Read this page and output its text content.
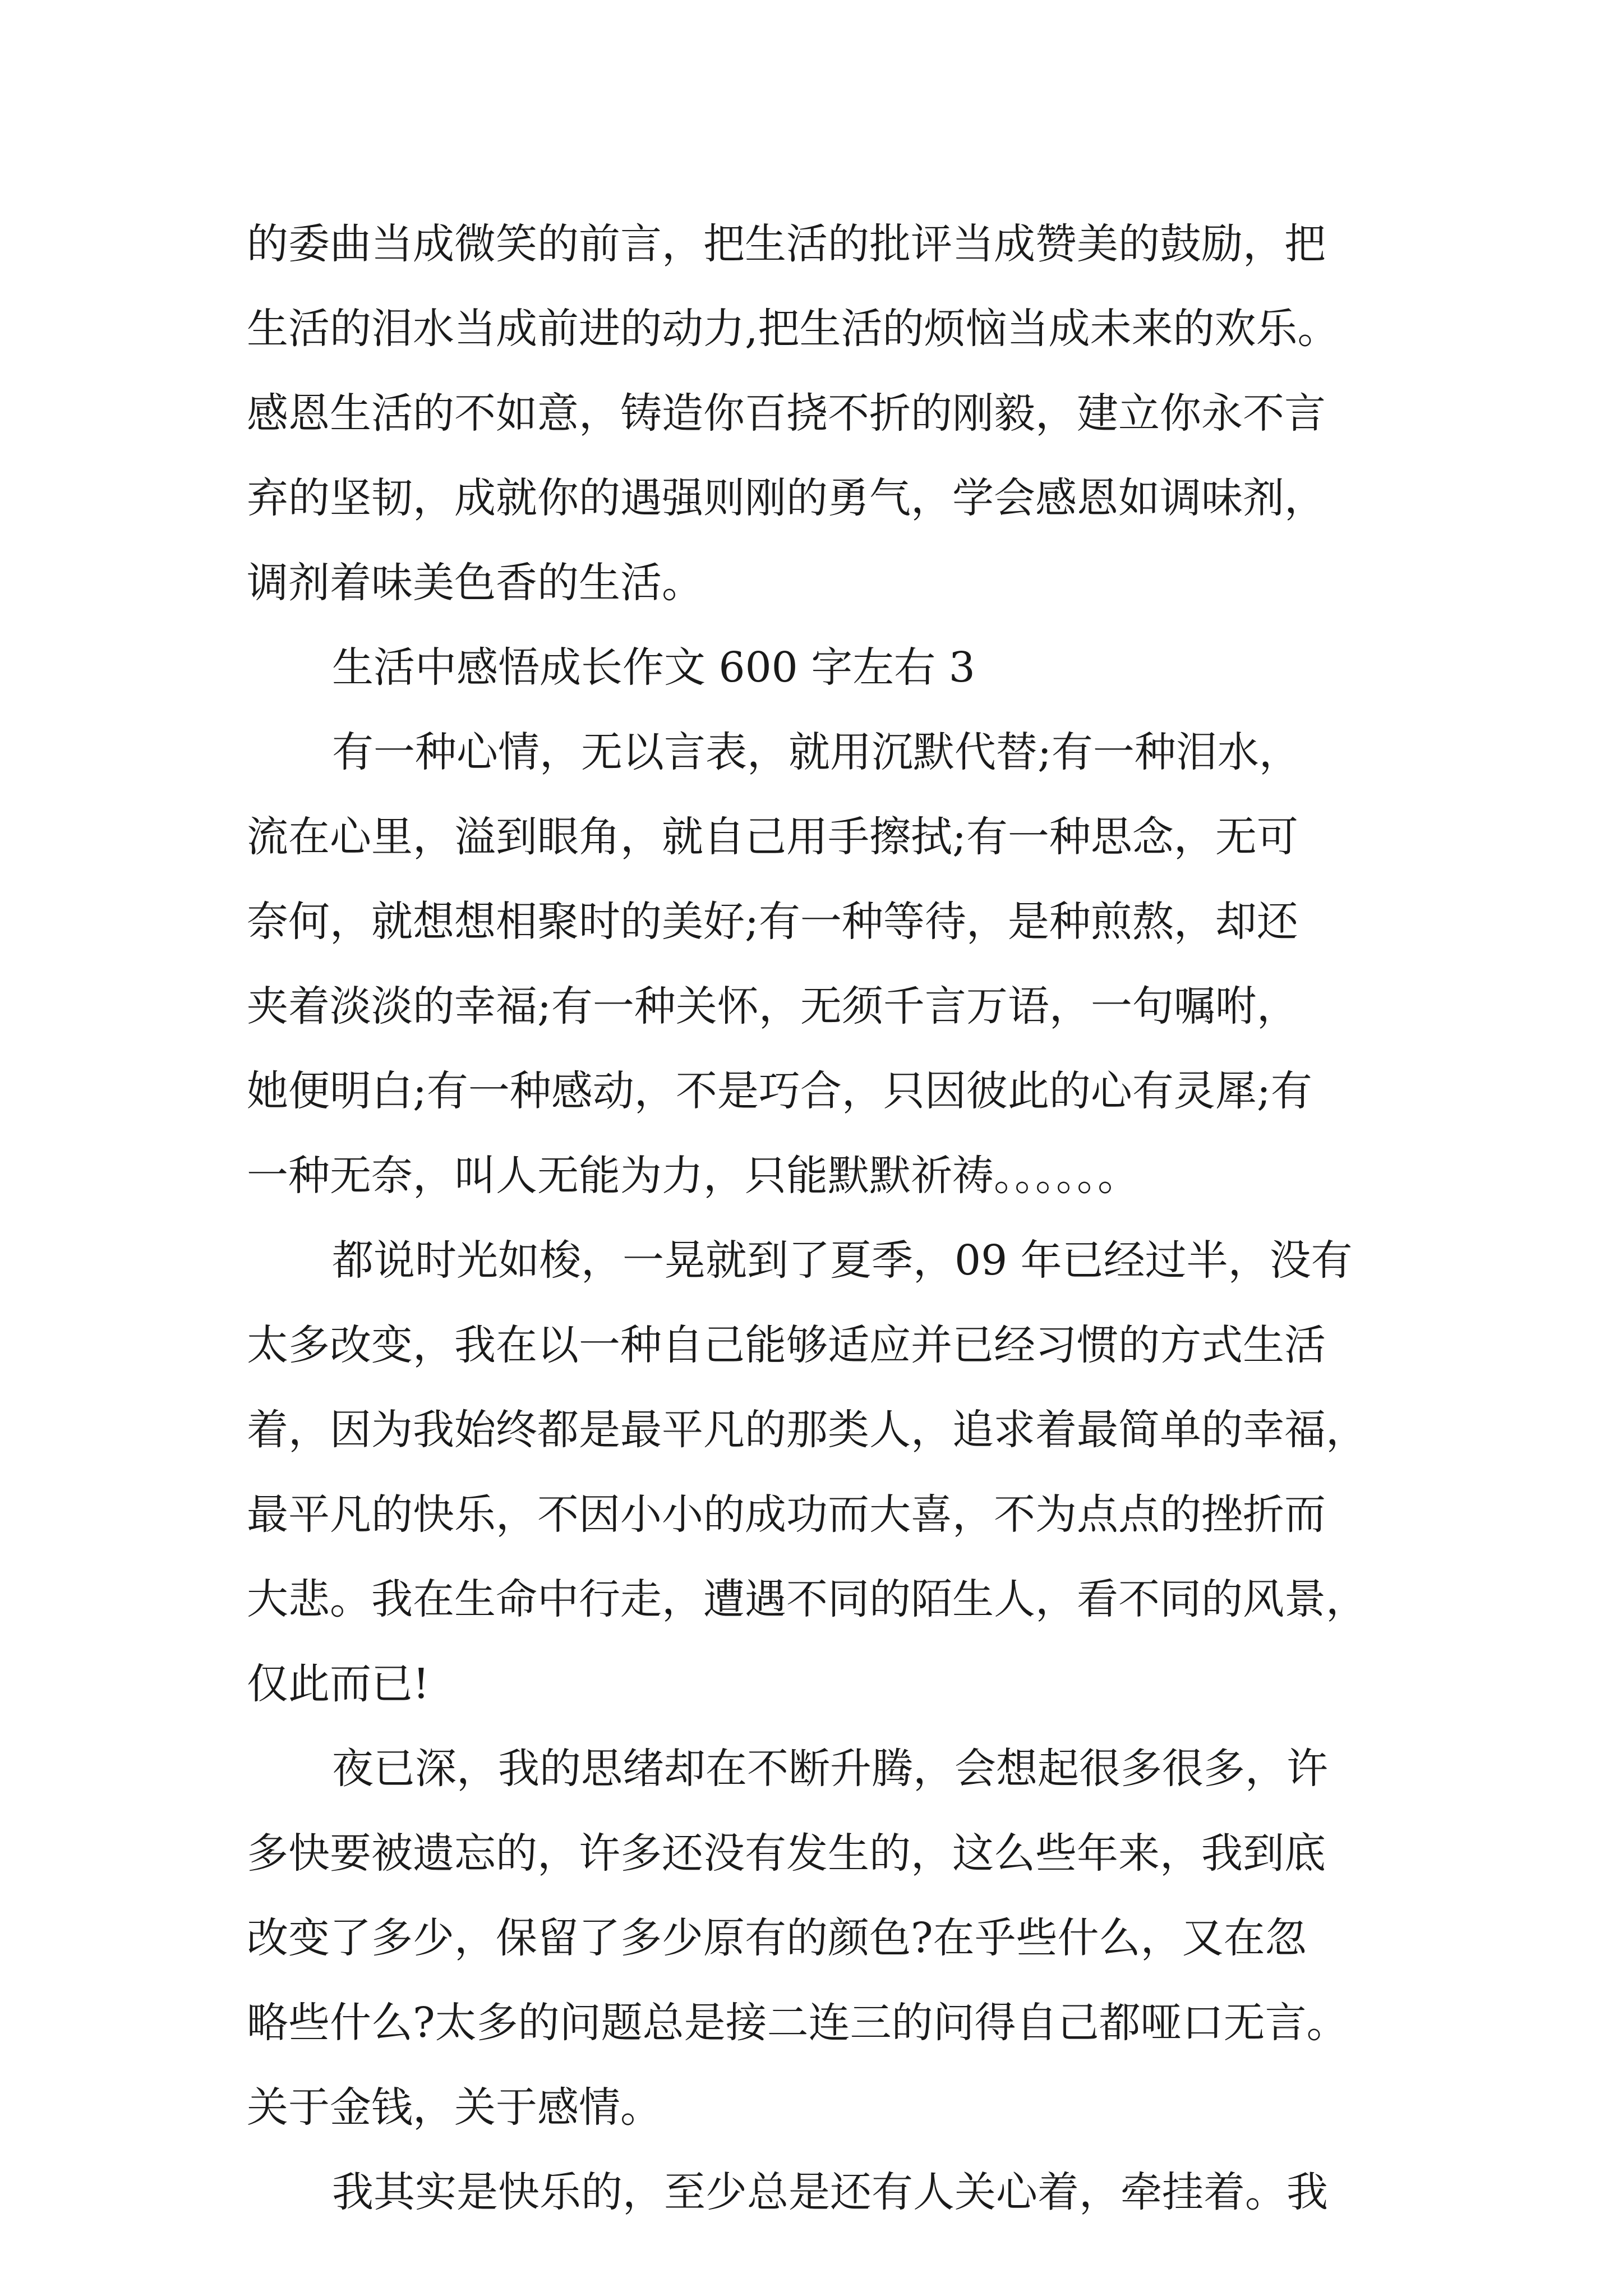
的委曲当成微笑的前言，把生活的批评当成赞美的鼓励，把
生活的泪水当成前进的动力,把生活的烦恼当成未来的欢乐。
感恩生活的不如意，铸造你百挠不折的刚毅，建立你永不言
弃的坚韧，成就你的遇强则刚的勇气，学会感恩如调味剂，
调剂着味美色香的生活。
生活中感悟成长作文 600 字左右 3
有一种心情，无以言表，就用沉默代替;有一种泪水，
流在心里，溢到眼角，就自己用手擦拭;有一种思念，无可
奈何，就想想相聚时的美好;有一种等待，是种煎熬，却还
夹着淡淡的幸福;有一种关怀，无须千言万语，一句嘱咐，
她便明白;有一种感动，不是巧合，只因彼此的心有灵犀;有
一种无奈，叫人无能为力，只能默默祈祷。。。。。。
都说时光如梭，一晃就到了夏季，09 年已经过半，没有
太多改变，我在以一种自己能够适应并已经习惯的方式生活
着，因为我始终都是最平凡的那类人，追求着最简单的幸福，
最平凡的快乐，不因小小的成功而大喜，不为点点的挫折而
大悲。我在生命中行走，遭遇不同的陌生人，看不同的风景，
仅此而已!
夜已深，我的思绪却在不断升腾，会想起很多很多，许
多快要被遗忘的，许多还没有发生的，这么些年来，我到底
改变了多少，保留了多少原有的颜色?在乎些什么，又在忽
略些什么?太多的问题总是接二连三的问得自己都哑口无言。
关于金钱，关于感情。
我其实是快乐的，至少总是还有人关心着，牵挂着。我
